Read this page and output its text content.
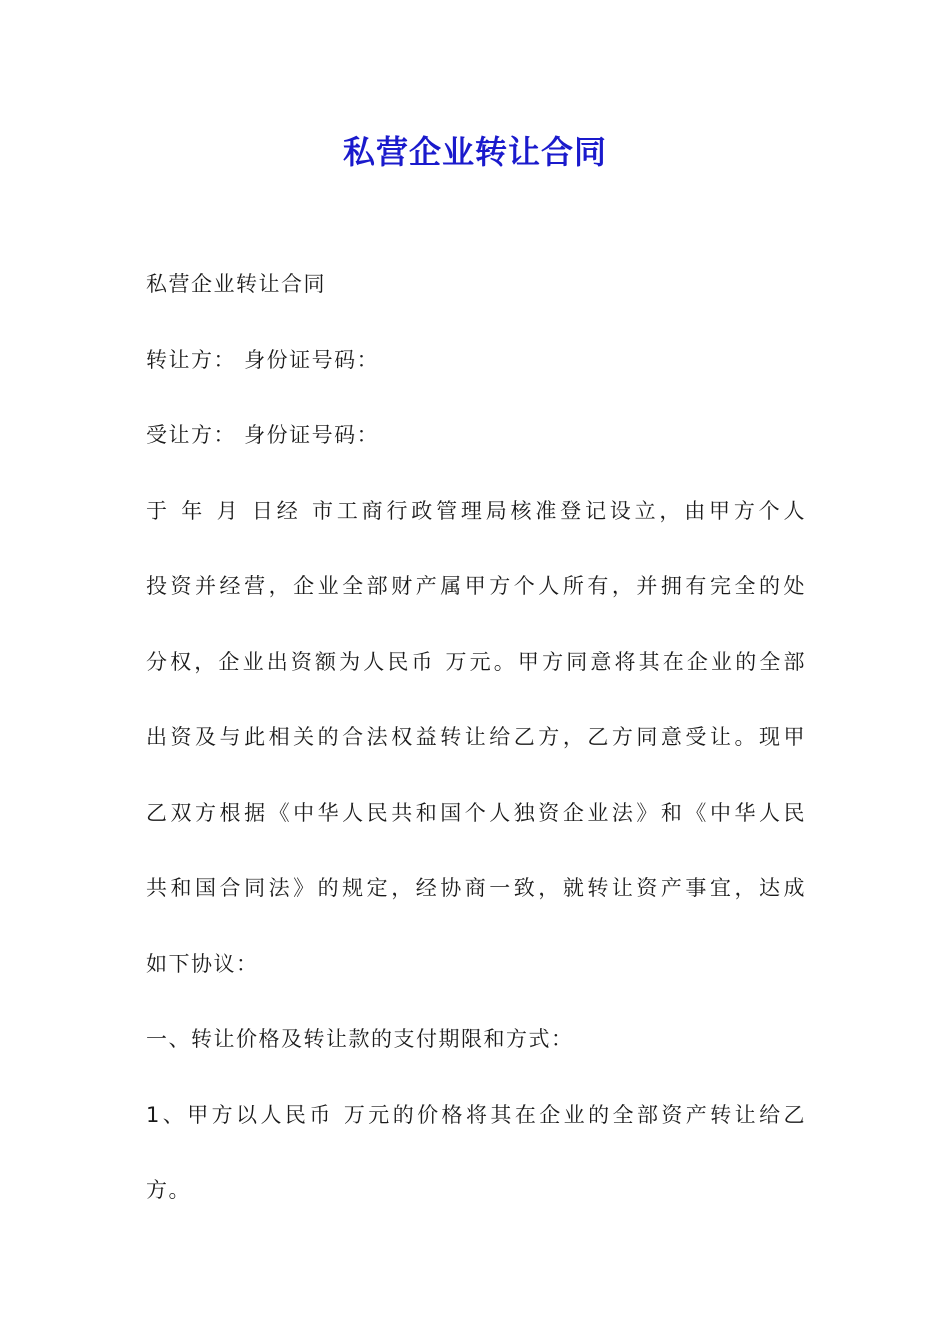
私营企业转让合同
私营企业转让合同
转让方： 身份证号码：
受让方： 身份证号码：
于 年 月 日经 市工商行政管理局核准登记设立，由甲方个人
投资并经营，企业全部财产属甲方个人所有，并拥有完全的处
分权，企业出资额为人民币 万元。甲方同意将其在企业的全部
出资及与此相关的合法权益转让给乙方，乙方同意受让。现甲
乙双方根据《中华人民共和国个人独资企业法》和《中华人民
共和国合同法》的规定，经协商一致，就转让资产事宜，达成
如下协议：
一、转让价格及转让款的支付期限和方式：
1、甲方以人民币 万元的价格将其在企业的全部资产转让给乙
方。
